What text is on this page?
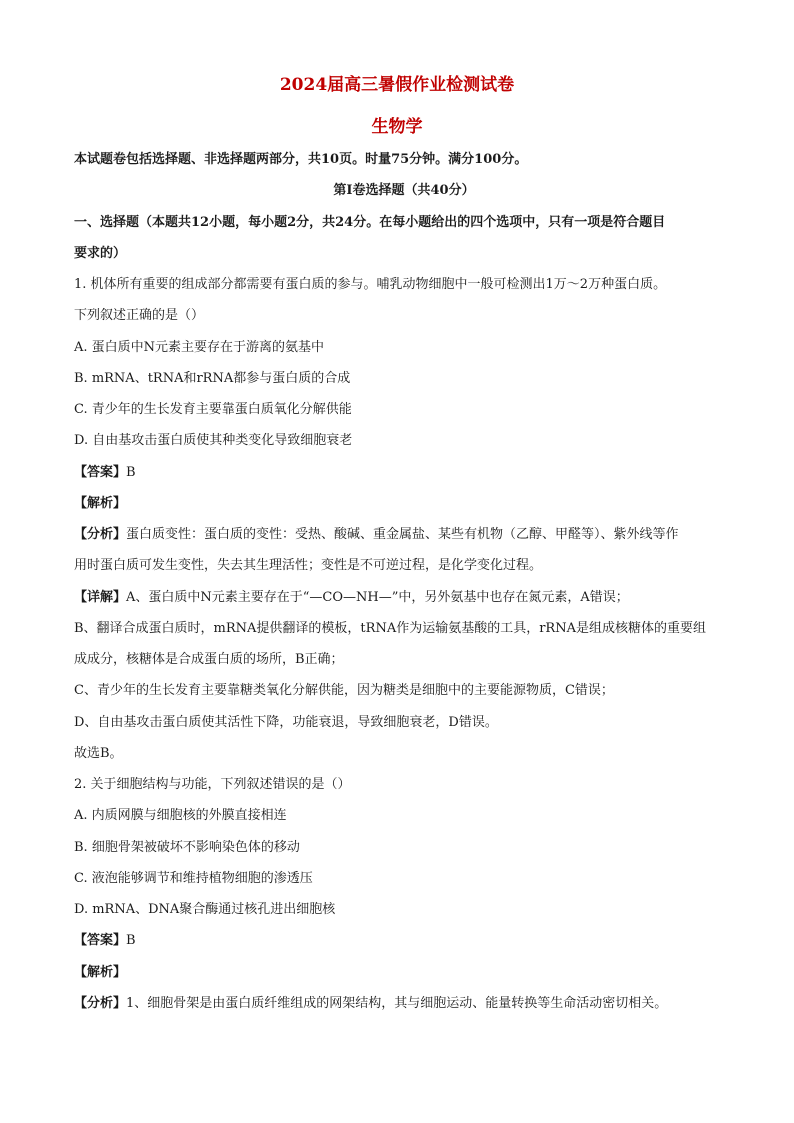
2024届高三暑假作业检测试卷
生物学
本试题卷包括选择题、非选择题两部分，共10页。时量75分钟。满分100分。
第I卷选择题（共40分）
一、选择题（本题共12小题，每小题2分，共24分。在每小题给出的四个选项中，只有一项是符合题目
要求的）
1. 机体所有重要的组成部分都需要有蛋白质的参与。哺乳动物细胞中一般可检测出1万～2万种蛋白质。
下列叙述正确的是（）
A. 蛋白质中N元素主要存在于游离的氨基中
B. mRNA、tRNA和rRNA都参与蛋白质的合成
C. 青少年的生长发育主要靠蛋白质氧化分解供能
D. 自由基攻击蛋白质使其种类变化导致细胞衰老
【答案】B
【解析】
【分析】蛋白质变性：蛋白质的变性：受热、酸碱、重金属盐、某些有机物（乙醇、甲醛等）、紫外线等作
用时蛋白质可发生变性，失去其生理活性；变性是不可逆过程，是化学变化过程。
【详解】A、蛋白质中N元素主要存在于“—CO—NH—”中，另外氨基中也存在氮元素，A错误；
B、翻译合成蛋白质时，mRNA提供翻译的模板，tRNA作为运输氨基酸的工具，rRNA是组成核糖体的重要组
成成分，核糖体是合成蛋白质的场所，B正确；
C、青少年的生长发育主要靠糖类氧化分解供能，因为糖类是细胞中的主要能源物质，C错误；
D、自由基攻击蛋白质使其活性下降，功能衰退，导致细胞衰老，D错误。
故选B。
2. 关于细胞结构与功能，下列叙述错误的是（）
A. 内质网膜与细胞核的外膜直接相连
B. 细胞骨架被破坏不影响染色体的移动
C. 液泡能够调节和维持植物细胞的渗透压
D. mRNA、DNA聚合酶通过核孔进出细胞核
【答案】B
【解析】
【分析】1、细胞骨架是由蛋白质纤维组成的网架结构，其与细胞运动、能量转换等生命活动密切相关。
